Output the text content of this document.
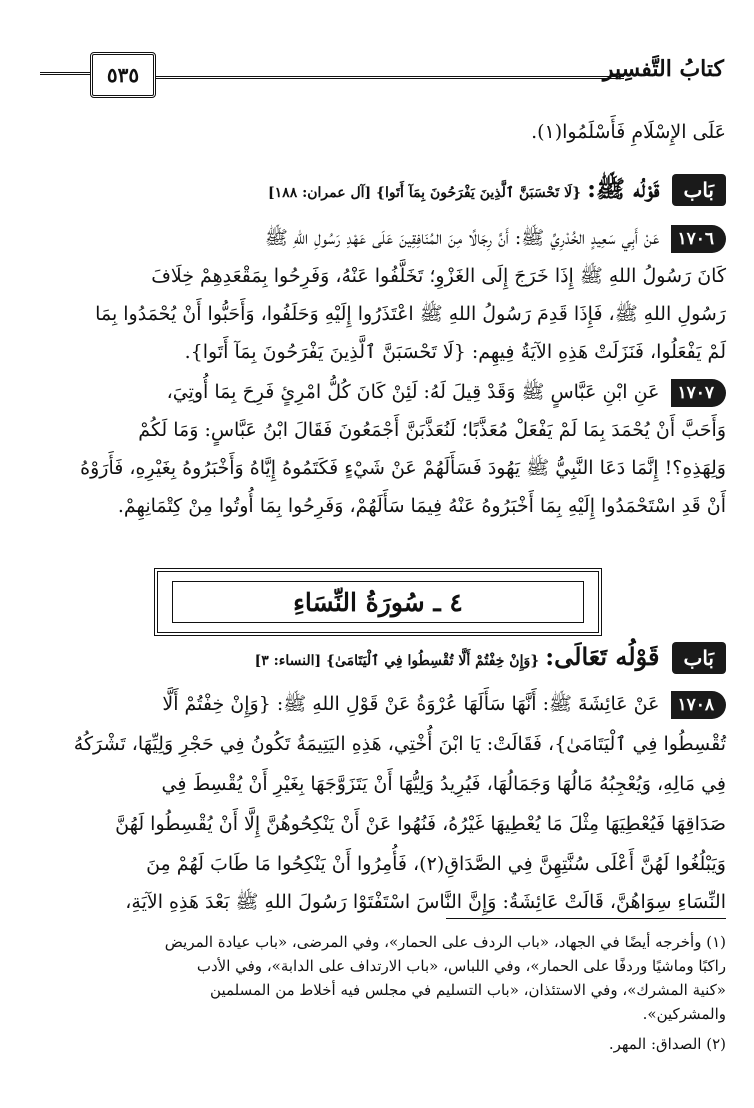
كتابُ التَّفسِير
٥٣٥
عَلَى الإِسْلَامِ فَأَسْلَمُوا(١).
بَاب قَوْلُه ﷺ: {لَا تَحْسَبَنَّ ٱلَّذِينَ يَفْرَحُونَ بِمَآ أَتَوا} [آل عمران: ١٨٨]
١٧٠٦ عَنْ أَبِي سَعِيدٍ الخُدْرِيِّ ﷺ: أَنَّ رِجَالًا مِنَ المُنَافِقِينَ عَلَى عَهْدِ رَسُولِ اللهِ ﷺ
كَانَ رَسُولُ اللهِ ﷺ إِذَا خَرَجَ إِلَى الغَزْوِ؛ تَخَلَّفُوا عَنْهُ، وَفَرِحُوا بِمَقْعَدِهِمْ خِلَافَ
رَسُولِ اللهِ ﷺ، فَإِذَا قَدِمَ رَسُولُ اللهِ ﷺ اعْتَذَرُوا إِلَيْهِ وَحَلَفُوا، وَأَحَبُّوا أَنْ يُحْمَدُوا بِمَا
لَمْ يَفْعَلُوا، فَنَزَلَتْ هَذِهِ الآيَةُ فِيهِم: {لَا تَحْسَبَنَّ ٱلَّذِينَ يَفْرَحُونَ بِمَآ أَتَوا}.
١٧٠٧ عَنِ ابْنِ عَبَّاسٍ ﷺ وَقَدْ قِيلَ لَهُ: لَئِنْ كَانَ كُلُّ امْرِئٍ فَرِحَ بِمَا أُوتِيَ،
وَأَحَبَّ أَنْ يُحْمَدَ بِمَا لَمْ يَفْعَلْ مُعَذَّبًا؛ لَنُعَذَّبَنَّ أَجْمَعُونَ فَقَالَ ابْنُ عَبَّاسٍ: وَمَا لَكُمْ
وَلِهَذِهِ؟! إِنَّمَا دَعَا النَّبِيُّ ﷺ يَهُودَ فَسَأَلَهُمْ عَنْ شَيْءٍ فَكَتَمُوهُ إِيَّاهُ وَأَخْبَرُوهُ بِغَيْرِهِ، فَأَرَوْهُ
أَنْ قَدِ اسْتَحْمَدُوا إِلَيْهِ بِمَا أَخْبَرُوهُ عَنْهُ فِيمَا سَأَلَهُمْ، وَفَرِحُوا بِمَا أُوتُوا مِنْ كِتْمَانِهِمْ.
٤ ـ سُورَةُ النِّسَاءِ
بَاب قَوْلُه تَعَالَى: {وَإِنْ خِفْتُمْ أَلَّا تُقْسِطُوا فِي ٱلْيَتَامَىٰ} [النساء: ٣]
١٧٠٨ عَنْ عَائِشَةَ ﷺ: أَنَّهَا سَأَلَهَا عُرْوَةُ عَنْ قَوْلِ اللهِ ﷺ: {وَإِنْ خِفْتُمْ أَلَّا
تُقْسِطُوا فِي ٱلْيَتَامَىٰ}، فَقَالَتْ: يَا ابْنَ أُخْتِي، هَذِهِ اليَتِيمَةُ تَكُونُ فِي حَجْرِ وَلِيِّهَا، تَشْرَكُهُ
فِي مَالِهِ، وَيُعْجِبُهُ مَالُهَا وَجَمَالُهَا، فَيُرِيدُ وَلِيُّهَا أَنْ يَتَزَوَّجَهَا بِغَيْرِ أَنْ يُقْسِطَ فِي
صَدَاقِهَا فَيُعْطِيَهَا مِثْلَ مَا يُعْطِيهَا غَيْرُهُ، فَنُهُوا عَنْ أَنْ يَنْكِحُوهُنَّ إِلَّا أَنْ يُقْسِطُوا لَهُنَّ
وَيَبْلُغُوا لَهُنَّ أَعْلَى سُنَّتِهِنَّ فِي الصَّدَاقِ(٢)، فَأُمِرُوا أَنْ يَنْكِحُوا مَا طَابَ لَهُمْ مِنَ
النِّسَاءِ سِوَاهُنَّ، قَالَتْ عَائِشَةُ: وَإِنَّ النَّاسَ اسْتَفْتَوْا رَسُولَ اللهِ ﷺ بَعْدَ هَذِهِ الآيَةِ،
(١) وأخرجه أيضًا في الجهاد، «باب الردف على الحمار»، وفي المرضى، «باب عيادة المريض
راكبًا وماشيًا وردفًا على الحمار»، وفي اللباس، «باب الارتداف على الدابة»، وفي الأدب
«كنية المشرك»، وفي الاستئذان، «باب التسليم في مجلس فيه أخلاط من المسلمين
والمشركين».
(٢) الصداق: المهر.
